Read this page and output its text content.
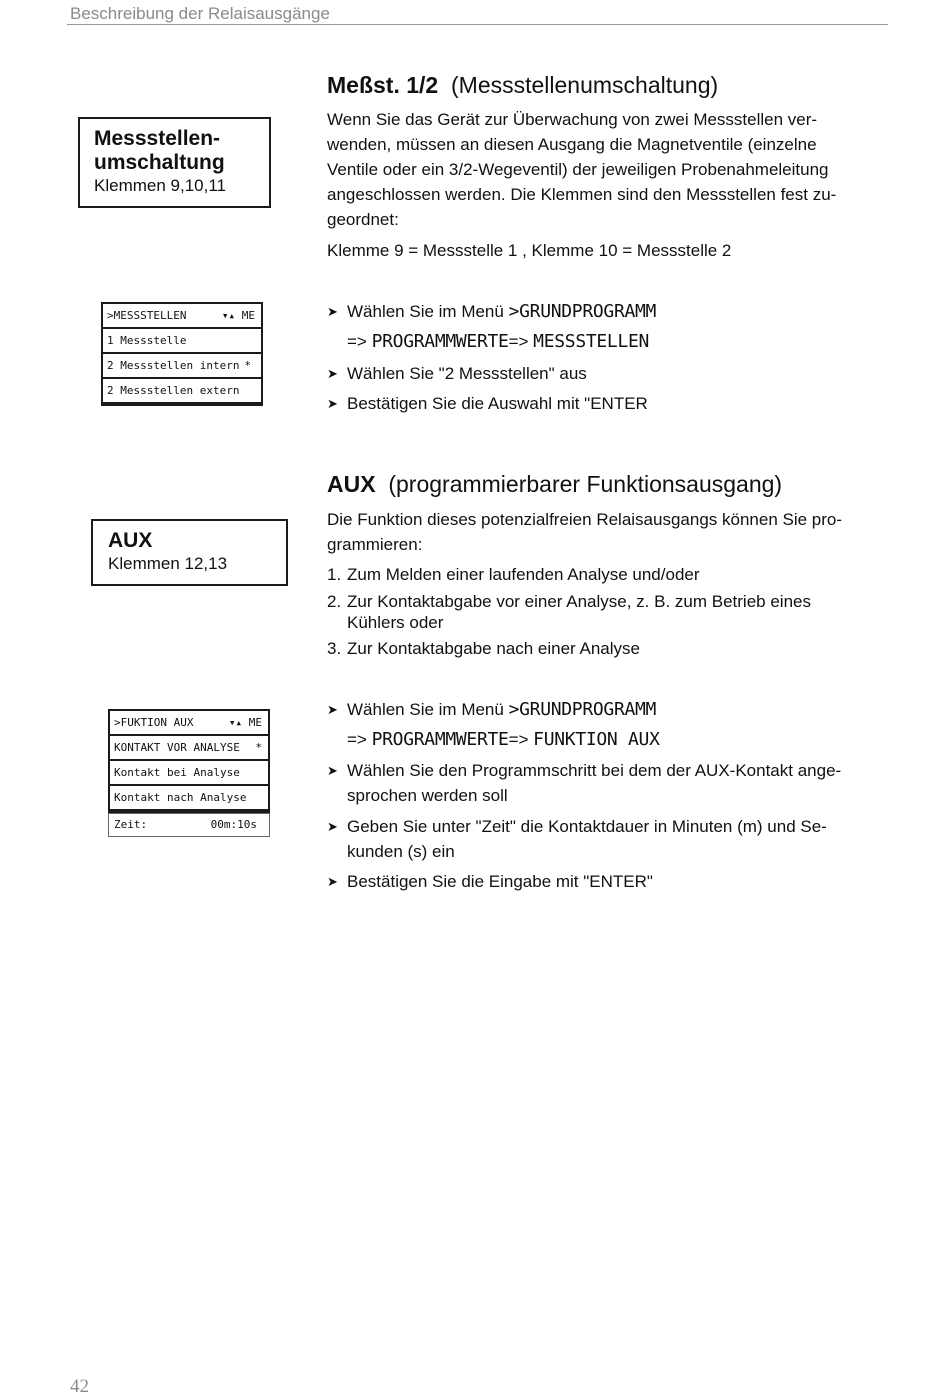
Beschreibung der Relaisausgänge
Messstellen-
umschaltung
Klemmen 9,10,11
Meßst. 1/2 (Messstellenumschaltung)

Wenn Sie das Gerät zur Überwachung von zwei Messstellen ver-

wenden, müssen an diesen Ausgang die Magnetventile (einzelne

Ventile oder ein 3/2-Wegeventil) der jeweiligen Probenahmeleitung

angeschlossen werden. Die Klemmen sind den Messstellen fest zu-

geordnet:

Klemme 9 = Messstelle 1 , Klemme 10 = Messstelle 2
>MESSSTELLEN	▾▴ ME
1 Messstelle
2 Messstellen intern *
2 Messstellen extern
➤ Wählen Sie im Menü >GRUNDPROGRAMM
=> PROGRAMMWERTE=> MESSSTELLEN
➤ Wählen Sie "2 Messstellen" aus
➤ Bestätigen Sie die Auswahl mit "ENTER
AUX
Klemmen 12,13
AUX (programmierbarer Funktionsausgang)

Die Funktion dieses potenzialfreien Relaisausgangs können Sie pro-

grammieren:

1. Zum Melden einer laufenden Analyse und/oder
2. Zur Kontaktabgabe vor einer Analyse, z. B. zum Betrieb eines
Kühlers oder
3. Zur Kontaktabgabe nach einer Analyse
>FUKTION AUX	▾▴ ME
KONTAKT VOR ANALYSE *
Kontakt bei Analyse
Kontakt nach Analyse
Zeit:	00m:10s
➤ Wählen Sie im Menü >GRUNDPROGRAMM
=> PROGRAMMWERTE=> FUNKTION AUX
➤ Wählen Sie den Programmschritt bei dem der AUX-Kontakt ange-
sprochen werden soll
➤ Geben Sie unter "Zeit" die Kontaktdauer in Minuten (m) und Se-
kunden (s) ein
➤ Bestätigen Sie die Eingabe mit "ENTER"
42
